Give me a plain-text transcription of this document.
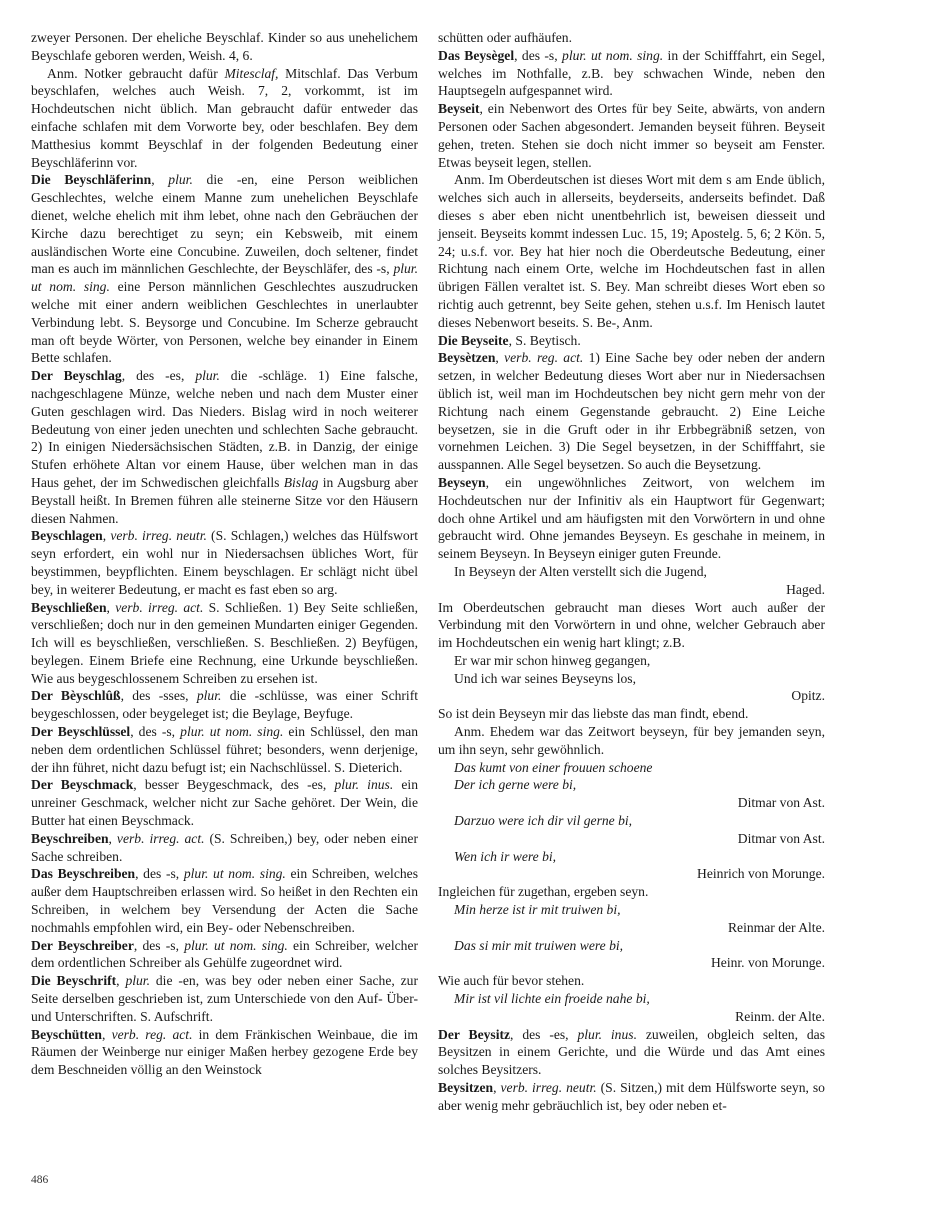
zweyer Personen. Der eheliche Beyschlaf. Kinder so aus unehelichem Beyschlafe geboren werden, Weish. 4, 6.

Anm. Notker gebraucht dafür Mitesclaf, Mitschlaf. Das Verbum beyschlafen, welches auch Weish. 7, 2, vorkommt, ist im Hochdeutschen nicht üblich. Man gebraucht dafür entweder das einfache schlafen mit dem Vorworte bey, oder beschlafen. Bey dem Matthesius kommt Beyschlaf in der folgenden Bedeutung einer Beyschläferinn vor.

Die Beyschläferinn, plur. die -en, eine Person weiblichen Geschlechtes, welche einem Manne zum unehelichen Beyschlafe dienet, welche ehelich mit ihm lebet, ohne nach den Gebräuchen der Kirche dazu berechtiget zu seyn; ein Kebsweib, mit einem ausländischen Worte eine Concubine. Zuweilen, doch seltener, findet man es auch im männlichen Geschlechte, der Beyschläfer, des -s, plur. ut nom. sing. eine Person männlichen Geschlechtes auszudrucken welche mit einer andern weiblichen Geschlechtes in unerlaubter Verbindung lebt. S. Beysorge und Concubine. Im Scherze gebraucht man oft beyde Wörter, von Personen, welche bey einander in Einem Bette schlafen.

Der Beyschlag, des -es, plur. die -schläge. 1) Eine falsche, nachgeschlagene Münze, welche neben und nach dem Muster einer Guten geschlagen wird. Das Nieders. Bislag wird in noch weiterer Bedeutung von einer jeden unechten und schlechten Sache gebraucht. 2) In einigen Niedersächsischen Städten, z.B. in Danzig, der einige Stufen erhöhete Altan vor einem Hause, über welchen man in das Haus gehet, der im Schwedischen gleichfalls Bislag in Augsburg aber Beystall heißt. In Bremen führen alle steinerne Sitze vor den Häusern diesen Nahmen.

Beyschlagen, verb. irreg. neutr. (S. Schlagen,) welches das Hülfswort seyn erfordert, ein wohl nur in Niedersachsen übliches Wort, für beystimmen, beypflichten. Einem beyschlagen. Er schlägt nicht übel bey, in weiterer Bedeutung, er macht es fast eben so arg.

Beyschließen, verb. irreg. act. S. Schließen. 1) Bey Seite schließen, verschließen; doch nur in den gemeinen Mundarten einiger Gegenden. Ich will es beyschließen, verschließen. S. Beschließen. 2) Beyfügen, beylegen. Einem Briefe eine Rechnung, eine Urkunde beyschließen. Wie aus beygeschlossenem Schreiben zu ersehen ist.

Der Bèyschlûß, des -sses, plur. die -schlüsse, was einer Schrift beygeschlossen, oder beygeleget ist; die Beylage, Beyfuge.

Der Beyschlüssel, des -s, plur. ut nom. sing. ein Schlüssel, den man neben dem ordentlichen Schlüssel führet; besonders, wenn derjenige, der ihn führet, nicht dazu befugt ist; ein Nachschlüssel. S. Dieterich.

Der Beyschmack, besser Beygeschmack, des -es, plur. inus. ein unreiner Geschmack, welcher nicht zur Sache gehöret. Der Wein, die Butter hat einen Beyschmack.

Beyschreiben, verb. irreg. act. (S. Schreiben,) bey, oder neben einer Sache schreiben.

Das Beyschreiben, des -s, plur. ut nom. sing. ein Schreiben, welches außer dem Hauptschreiben erlassen wird. So heißet in den Rechten ein Schreiben, in welchem bey Versendung der Acten die Sache nochmahls empfohlen wird, ein Bey- oder Nebenschreiben.

Der Beyschreiber, des -s, plur. ut nom. sing. ein Schreiber, welcher dem ordentlichen Schreiber als Gehülfe zugeordnet wird.

Die Beyschrift, plur. die -en, was bey oder neben einer Sache, zur Seite derselben geschrieben ist, zum Unterschiede von den Auf- Über- und Unterschriften. S. Aufschrift.

Beyschütten, verb. reg. act. in dem Fränkischen Weinbaue, die im Räumen der Weinberge nur einiger Maßen herbey gezogene Erde bey dem Beschneiden völlig an den Weinstock

schütten oder aufhäufen.

Das Beysègel, des -s, plur. ut nom. sing. in der Schifffahrt, ein Segel, welches im Nothfalle, z.B. bey schwachen Winde, neben den Hauptsegeln aufgespannet wird.

Beyseit, ein Nebenwort des Ortes für bey Seite, abwärts, von andern Personen oder Sachen abgesondert. Jemanden beyseit führen. Beyseit gehen, treten. Stehen sie doch nicht immer so beyseit am Fenster. Etwas beyseit legen, stellen.

Anm. Im Oberdeutschen ist dieses Wort mit dem s am Ende üblich, welches sich auch in allerseits, beyderseits, anderseits befindet. Daß dieses s aber eben nicht unentbehrlich ist, beweisen diesseit und jenseit. Beyseits kommt indessen Luc. 15, 19; Apostelg. 5, 6; 2 Kön. 5, 24; u.s.f. vor. Bey hat hier noch die Oberdeutsche Bedeutung, einer Richtung nach einem Orte, welche im Hochdeutschen fast in allen übrigen Fällen veraltet ist. S. Bey. Man schreibt dieses Wort eben so richtig auch getrennt, bey Seite gehen, stehen u.s.f. Im Henisch lautet dieses Nebenwort beseits. S. Be-, Anm.

Die Beyseite, S. Beytisch.

Beysètzen, verb. reg. act. 1) Eine Sache bey oder neben der andern setzen, in welcher Bedeutung dieses Wort aber nur in Niedersachsen üblich ist, weil man im Hochdeutschen bey nicht gern mehr von der Richtung nach einem Gegenstande gebraucht. 2) Eine Leiche beysetzen, sie in die Gruft oder in ihr Erbbegräbniß setzen, von vornehmen Leichen. 3) Die Segel beysetzen, in der Schifffahrt, sie ausspannen. Alle Segel beysetzen. So auch die Beysetzung.

Beyseyn, ein ungewöhnliches Zeitwort, von welchem im Hochdeutschen nur der Infinitiv als ein Hauptwort für Gegenwart; doch ohne Artikel und am häufigsten mit den Vorwörtern in und ohne gebraucht wird. Ohne jemandes Beyseyn. Es geschahe in meinem, in seinem Beyseyn. In Beyseyn einiger guten Freunde.

In Beyseyn der Alten verstellt sich die Jugend,

Haged.

Im Oberdeutschen gebraucht man dieses Wort auch außer der Verbindung mit den Vorwörtern in und ohne, welcher Gebrauch aber im Hochdeutschen ein wenig hart klingt; z.B.

Er war mir schon hinweg gegangen,

Und ich war seines Beyseyns los,

Opitz.

So ist dein Beyseyn mir das liebste das man findt, ebend.

Anm. Ehedem war das Zeitwort beyseyn, für bey jemanden seyn, um ihn seyn, sehr gewöhnlich.

Das kumt von einer frouuen schoene

Der ich gerne were bi,

Ditmar von Ast.

Darzuo were ich dir vil gerne bi,

Ditmar von Ast.

Wen ich ir were bi,

Heinrich von Morunge.

Ingleichen für zugethan, ergeben seyn.

Min herze ist ir mit truiwen bi,

Reinmar der Alte.

Das si mir mit truiwen were bi,

Heinr. von Morunge.

Wie auch für bevor stehen.

Mir ist vil lichte ein froeide nahe bi,

Reinm. der Alte.

Der Beysitz, des -es, plur. inus. zuweilen, obgleich selten, das Beysitzen in einem Gerichte, und die Würde und das Amt eines solches Beysitzers.

Beysitzen, verb. irreg. neutr. (S. Sitzen,) mit dem Hülfsworte seyn, so aber wenig mehr gebräuchlich ist, bey oder neben et-

486
